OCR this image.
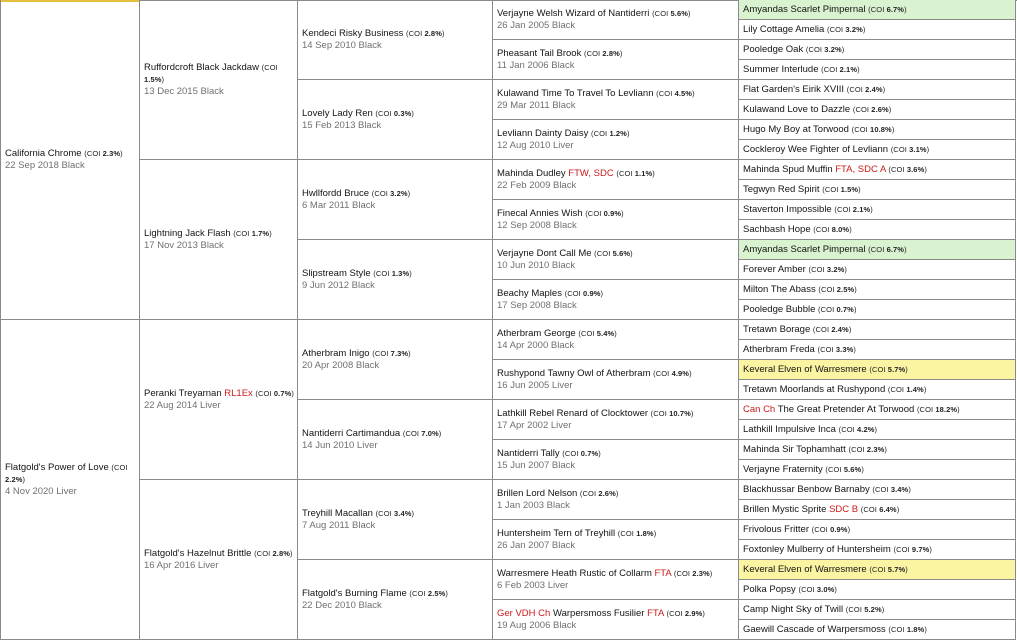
California Chrome (COI 2.3%)
22 Sep 2018 Black
Flatgold's Power of Love (COI 2.2%)
4 Nov 2020 Liver
Ruffordcroft Black Jackdaw (COI 1.5%)
13 Dec 2015 Black
Lightning Jack Flash (COI 1.7%)
17 Nov 2013 Black
Peranki Treyarnan RL1Ex (COI 0.7%)
22 Aug 2014 Liver
Flatgold's Hazelnut Brittle (COI 2.8%)
16 Apr 2016 Liver
Kendeci Risky Business (COI 2.8%)
14 Sep 2010 Black
Lovely Lady Ren (COI 0.3%)
15 Feb 2013 Black
Hwllfordd Bruce (COI 3.2%)
6 Mar 2011 Black
Slipstream Style (COI 1.3%)
9 Jun 2012 Black
Atherbram Inigo (COI 7.3%)
20 Apr 2008 Black
Nantiderri Cartimandua (COI 7.0%)
14 Jun 2010 Liver
Treyhill Macallan (COI 3.4%)
7 Aug 2011 Black
Flatgold's Burning Flame (COI 2.5%)
22 Dec 2010 Black
Verjayne Welsh Wizard of Nantiderri (COI 5.6%)
26 Jan 2005 Black
Pheasant Tail Brook (COI 2.8%)
11 Jan 2006 Black
Kulawand Time To Travel To Levliann (COI 4.5%)
29 Mar 2011 Black
Levliann Dainty Daisy (COI 1.2%)
12 Aug 2010 Liver
Mahinda Dudley FTW, SDC (COI 1.1%)
22 Feb 2009 Black
Finecal Annies Wish (COI 0.9%)
12 Sep 2008 Black
Verjayne Dont Call Me (COI 5.6%)
10 Jun 2010 Black
Beachy Maples (COI 0.9%)
17 Sep 2008 Black
Atherbram George (COI 5.4%)
14 Apr 2000 Black
Rushypond Tawny Owl of Atherbram (COI 4.9%)
16 Jun 2005 Liver
Lathkill Rebel Renard of Clocktower (COI 10.7%)
17 Apr 2002 Liver
Nantiderri Tally (COI 0.7%)
15 Jun 2007 Black
Brillen Lord Nelson (COI 2.6%)
1 Jan 2003 Black
Huntersheim Tern of Treyhill (COI 1.8%)
26 Jan 2007 Black
Warresmere Heath Rustic of Collarm FTA (COI 2.3%)
6 Feb 2003 Liver
Ger VDH Ch Warpersmoss Fusilier FTA (COI 2.9%)
19 Aug 2006 Black
Amyandas Scarlet Pimpernal (COI 6.7%)
Lily Cottage Amelia (COI 3.2%)
Pooledge Oak (COI 3.2%)
Summer Interlude (COI 2.1%)
Flat Garden's Eirik XVIII (COI 2.4%)
Kulawand Love to Dazzle (COI 2.6%)
Hugo My Boy at Torwood (COI 10.8%)
Cockleroy Wee Fighter of Levliann (COI 3.1%)
Mahinda Spud Muffin FTA, SDC A (COI 3.6%)
Tegwyn Red Spirit (COI 1.5%)
Staverton Impossible (COI 2.1%)
Sachbash Hope (COI 8.0%)
Amyandas Scarlet Pimpernal (COI 6.7%)
Forever Amber (COI 3.2%)
Milton The Abass (COI 2.5%)
Pooledge Bubble (COI 0.7%)
Tretawn Borage (COI 2.4%)
Atherbram Freda (COI 3.3%)
Keveral Elven of Warresmere (COI 5.7%)
Tretawn Moorlands at Rushypond (COI 1.4%)
Can Ch The Great Pretender At Torwood (COI 18.2%)
Lathkill Impulsive Inca (COI 4.2%)
Mahinda Sir Tophamhatt (COI 2.3%)
Verjayne Fraternity (COI 5.6%)
Blackhussar Benbow Barnaby (COI 3.4%)
Brillen Mystic Sprite SDC B (COI 6.4%)
Frivolous Fritter (COI 0.9%)
Foxtonley Mulberry of Huntersheim (COI 9.7%)
Keveral Elven of Warresmere (COI 5.7%)
Polka Popsy (COI 3.0%)
Camp Night Sky of Twill (COI 5.2%)
Gaewill Cascade of Warpersmoss (COI 1.8%)
